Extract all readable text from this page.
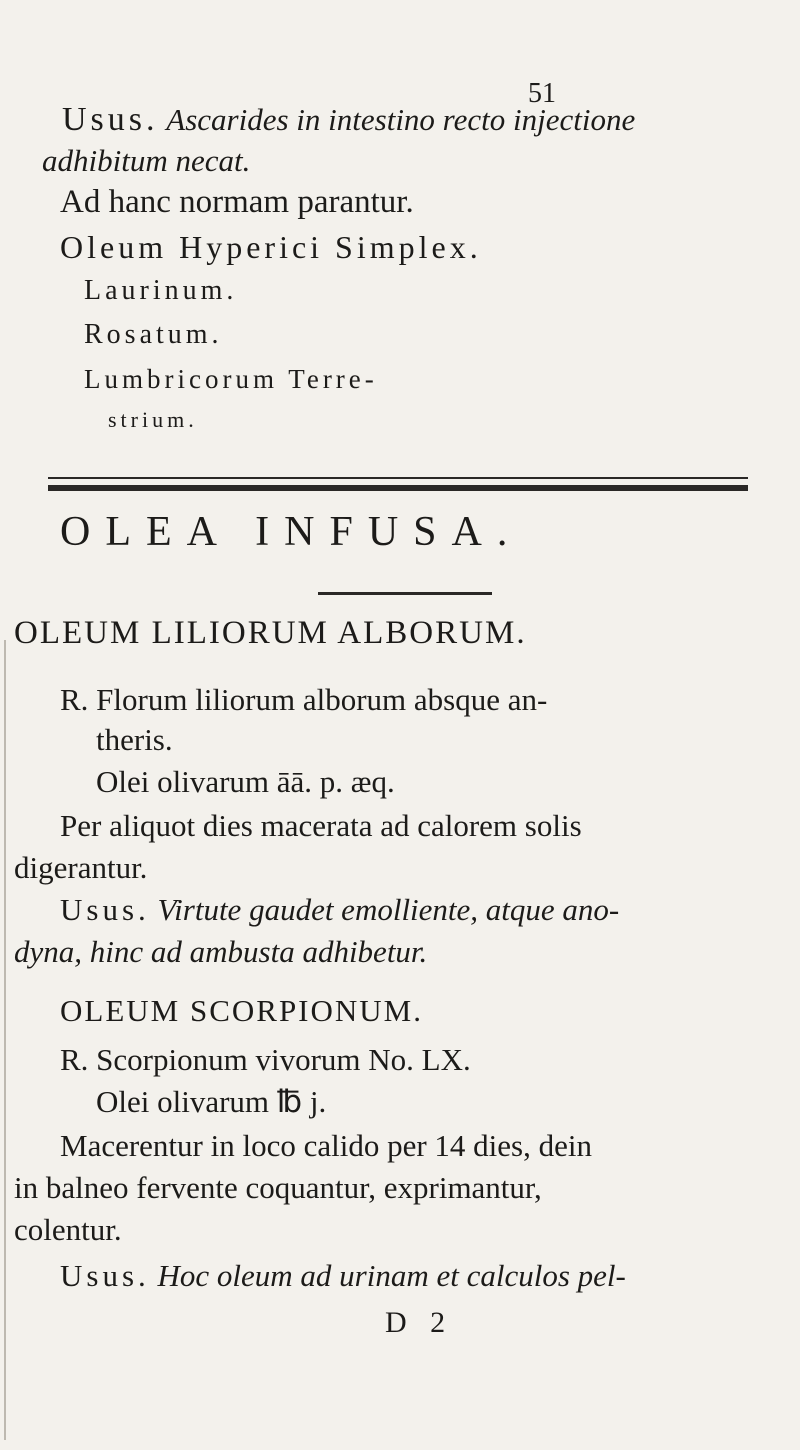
51
Usus. Ascarides in intestino recto injectione
adhibitum necat.
Ad hanc normam parantur.
Oleum Hyperici Simplex.
Laurinum.
Rosatum.
Lumbricorum Terre-
strium.
OLEA INFUSA.
OLEUM LILIORUM ALBORUM.
R. Florum liliorum alborum absque an-
theris.
Olei olivarum āā. p. æq.
Per aliquot dies macerata ad calorem solis
digerantur.
Usus. Virtute gaudet emolliente, atque ano-
dyna, hinc ad ambusta adhibetur.
OLEUM SCORPIONUM.
R. Scorpionum vivorum No. LX.
Olei olivarum ℔ j.
Macerentur in loco calido per 14 dies, dein
in balneo fervente coquantur, exprimantur,
colentur.
Usus. Hoc oleum ad urinam et calculos pel-
D 2
